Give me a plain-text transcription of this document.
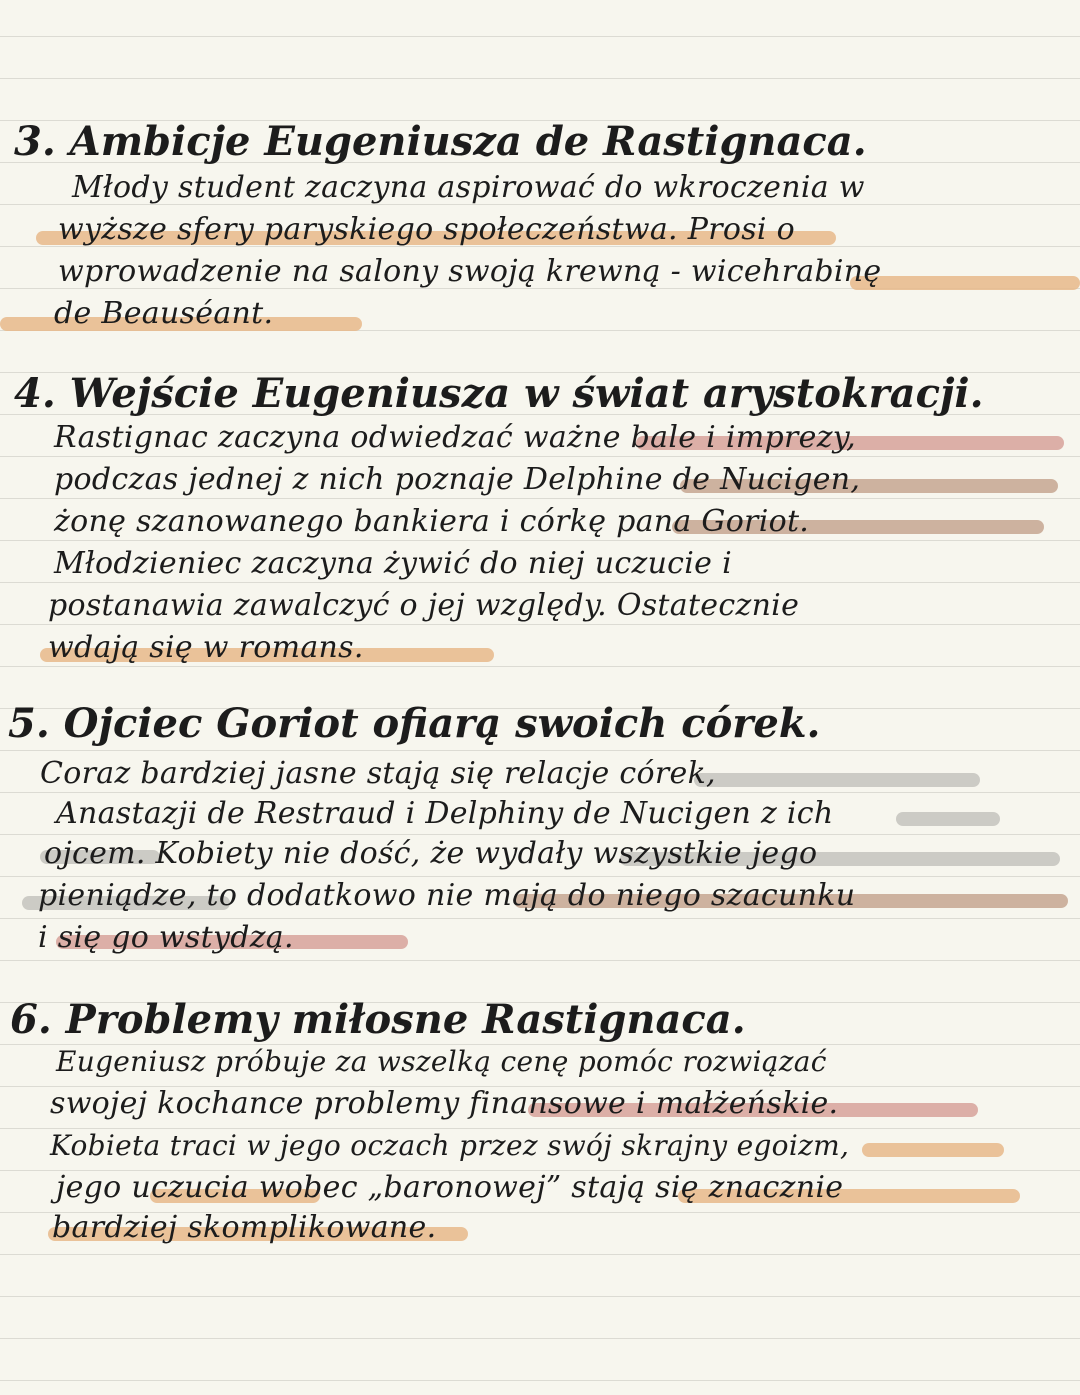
3. Ambicje Eugeniusza de Rastignaca.
Młody student zaczyna aspirować do wkroczenia w
wyższe sfery paryskiego społeczeństwa. Prosi o
wprowadzenie na salony swoją krewną - wicehrabinę
de Beauséant.
4. Wejście Eugeniusza w świat arystokracji.
Rastignac zaczyna odwiedzać ważne bale i imprezy,
podczas jednej z nich poznaje Delphine de Nucigen,
żonę szanowanego bankiera i córkę pana Goriot.
Młodzieniec zaczyna żywić do niej uczucie i
postanawia zawalczyć o jej względy. Ostatecznie
wdają się w romans.
5. Ojciec Goriot ofiarą swoich córek.
Coraz bardziej jasne stają się relacje córek,
Anastazji de Restraud i Delphiny de Nucigen z ich
ojcem. Kobiety nie dość, że wydały wszystkie jego
pieniądze, to dodatkowo nie mają do niego szacunku
i się go wstydzą.
6. Problemy miłosne Rastignaca.
Eugeniusz próbuje za wszelką cenę pomóc rozwiązać
swojej kochance problemy finansowe i małżeńskie.
Kobieta traci w jego oczach przez swój skrajny egoizm,
jego uczucia wobec „baronowej” stają się znacznie
bardziej skomplikowane.
